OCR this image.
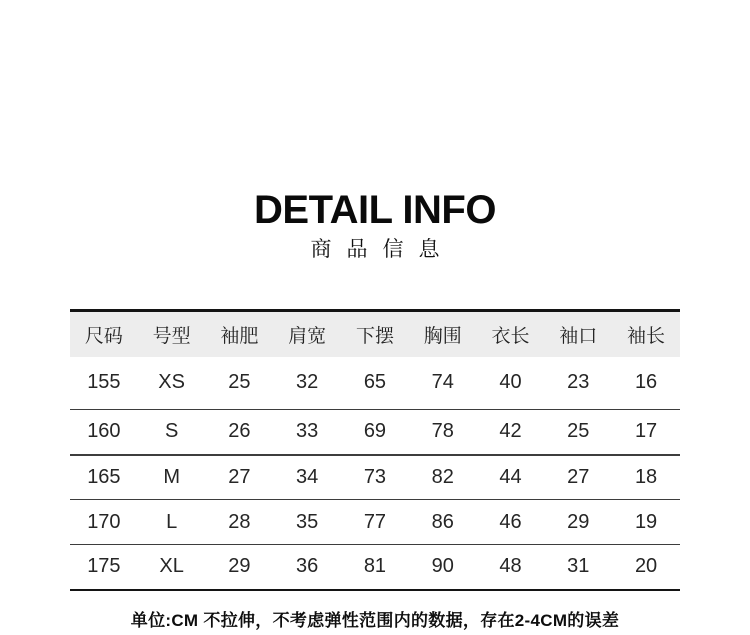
DETAIL INFO
商品信息
尺码	号型	袖肥	肩宽	下摆	胸围	衣长	袖口	袖长
155	XS	25	32	65	74	40	23	16
160	S	26	33	69	78	42	25	17
165	M	27	34	73	82	44	27	18
170	L	28	35	77	86	46	29	19
175	XL	29	36	81	90	48	31	20
单位:CM 不拉伸，不考虑弹性范围内的数据，存在2-4CM的误差
